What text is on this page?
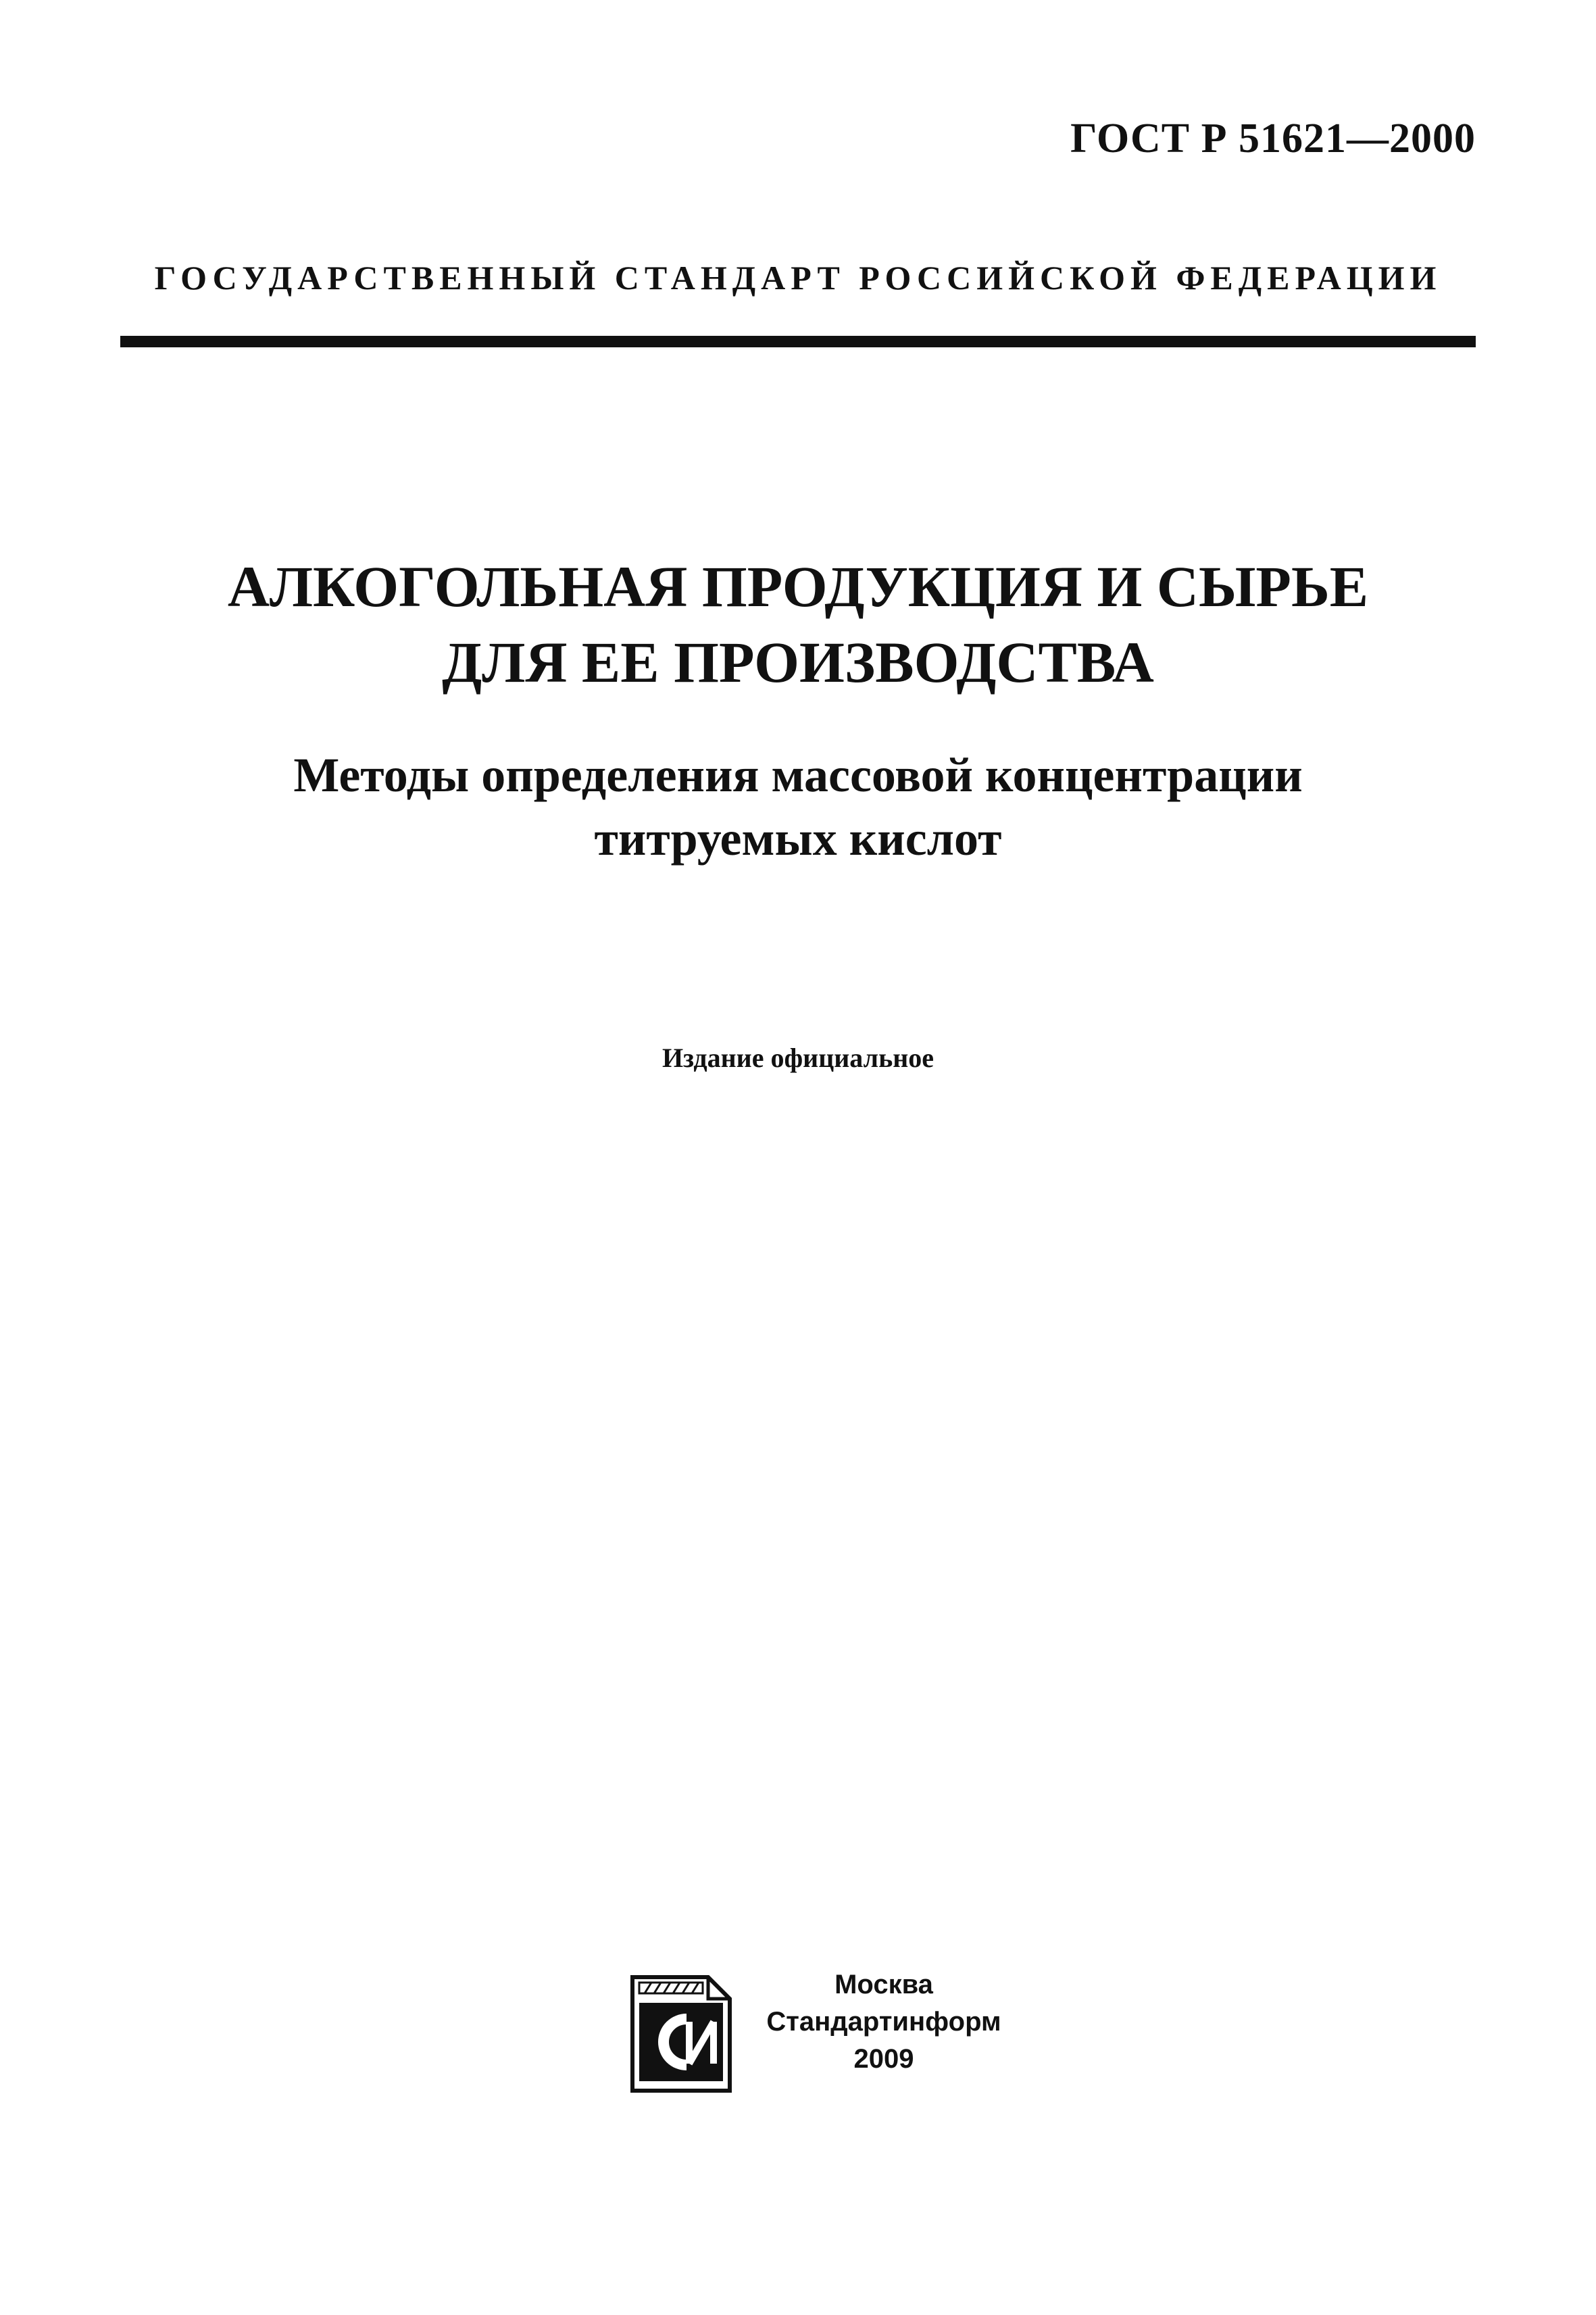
ГОСТ Р 51621—2000
ГОСУДАРСТВЕННЫЙ СТАНДАРТ РОССИЙСКОЙ ФЕДЕРАЦИИ
АЛКОГОЛЬНАЯ ПРОДУКЦИЯ И СЫРЬЕ
ДЛЯ ЕЕ ПРОИЗВОДСТВА
Методы определения массовой концентрации
титруемых кислот
Издание официальное
Москва
Стандартинформ
2009
